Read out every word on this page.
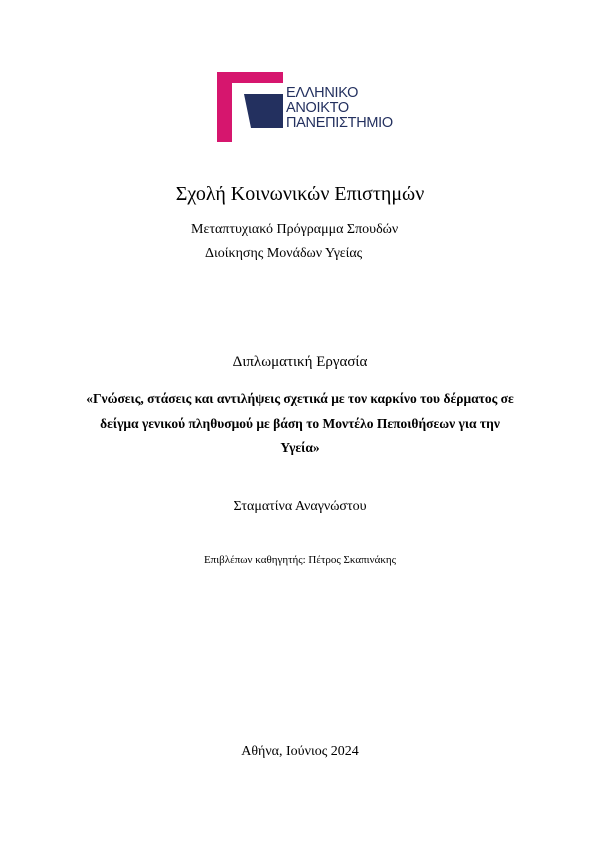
ΕΛΛΗΝΙΚΟ
ΑΝΟΙΚΤΟ
ΠΑΝΕΠΙΣΤΗΜΙΟ
Σχολή Κοινωνικών Επιστημών
Μεταπτυχιακό Πρόγραμμα Σπουδών
Διοίκησης Μονάδων Υγείας
Διπλωματική Εργασία
«Γνώσεις, στάσεις και αντιλήψεις σχετικά με τον καρκίνο του δέρματος σε δείγμα γενικού πληθυσμού με βάση το Μοντέλο Πεποιθήσεων για την Υγεία»
Σταματίνα Αναγνώστου
Επιβλέπων καθηγητής: Πέτρος Σκαπινάκης
Αθήνα, Ιούνιος 2024
